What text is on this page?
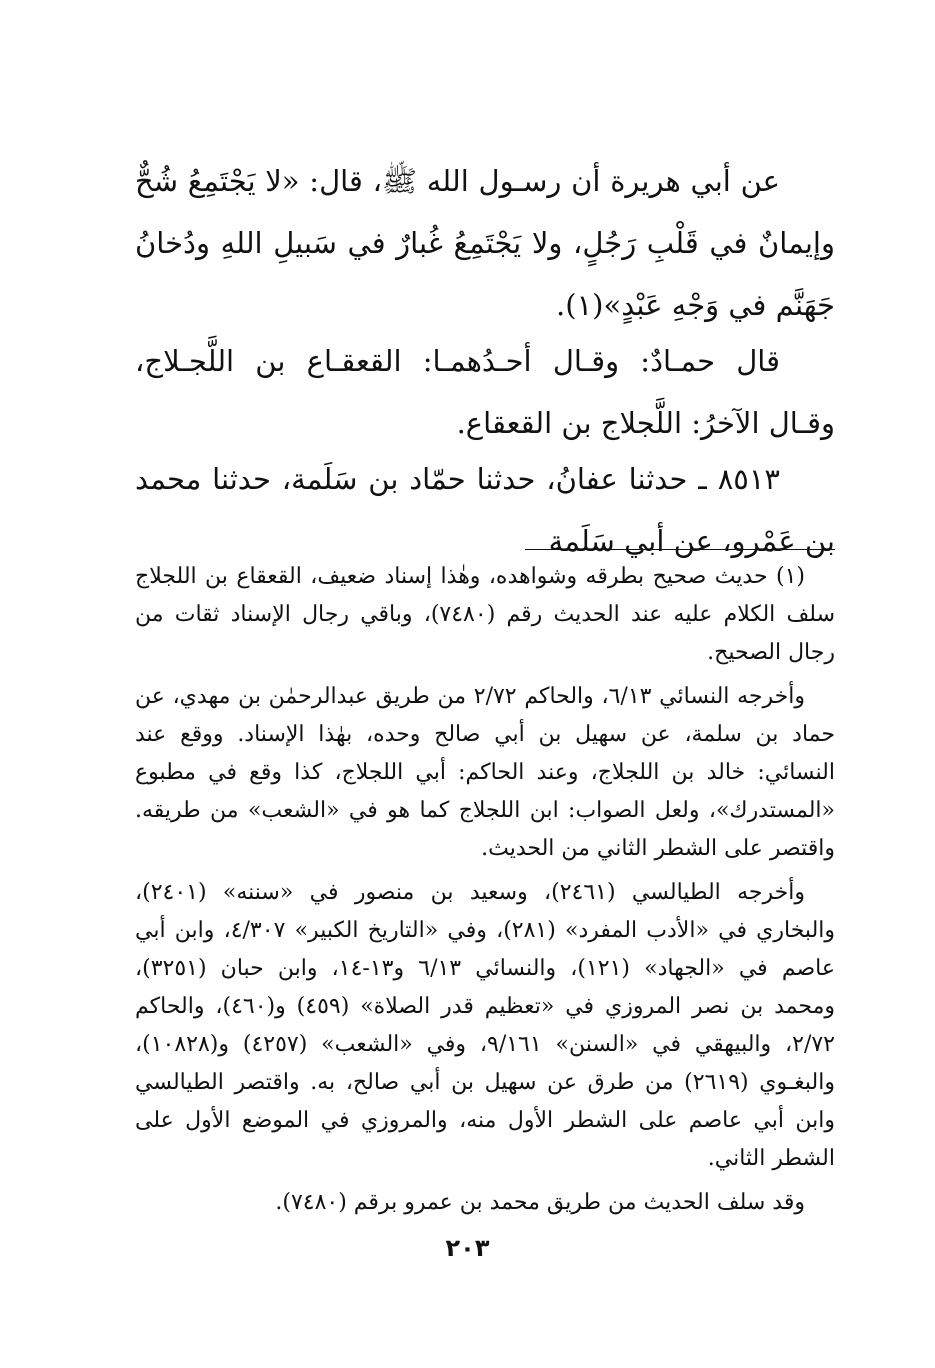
عن أبي هريرة أن رسـول الله ﷺ، قال: «لا يَجْتَمِعُ شُحٌّ وإيمانٌ في قَلْبِ رَجُلٍ، ولا يَجْتَمِعُ غُبارٌ في سَبيلِ اللهِ ودُخانُ جَهَنَّم في وَجْهِ عَبْدٍ»(١).
قال حمـادٌ: وقـال أحـدُهمـا: القعقـاع بن اللَّجـلاج، وقـال الآخرُ: اللَّجلاج بن القعقاع.
٨٥١٣ ـ حدثنا عفانُ، حدثنا حمّاد بن سَلَمة، حدثنا محمد بن عَمْرو، عن أبي سَلَمة

(١) حديث صحيح بطرقه وشواهده، وهٰذا إسناد ضعيف، القعقاع بن اللجلاج سلف الكلام عليه عند الحديث رقم (٧٤٨٠)، وباقي رجال الإسناد ثقات من رجال الصحيح.

وأخرجه النسائي ٦/١٣، والحاكم ٢/٧٢ من طريق عبدالرحمٰن بن مهدي، عن حماد بن سلمة، عن سهيل بن أبي صالح وحده، بهٰذا الإسناد. ووقع عند النسائي: خالد بن اللجلاج، وعند الحاكم: أبي اللجلاج، كذا وقع في مطبوع «المستدرك»، ولعل الصواب: ابن اللجلاج كما هو في «الشعب» من طريقه. واقتصر على الشطر الثاني من الحديث.

وأخرجه الطيالسي (٢٤٦١)، وسعيد بن منصور في «سننه» (٢٤٠١)، والبخاري في «الأدب المفرد» (٢٨١)، وفي «التاريخ الكبير» ٤/٣٠٧، وابن أبي عاصم في «الجهاد» (١٢١)، والنسائي ٦/١٣ و١٣-١٤، وابن حبان (٣٢٥١)، ومحمد بن نصر المروزي في «تعظيم قدر الصلاة» (٤٥٩) و(٤٦٠)، والحاكم ٢/٧٢، والبيهقي في «السنن» ٩/١٦١، وفي «الشعب» (٤٢٥٧) و(١٠٨٢٨)، والبغـوي (٢٦١٩) من طرق عن سهيل بن أبي صالح، به. واقتصر الطيالسي وابن أبي عاصم على الشطر الأول منه، والمروزي في الموضع الأول على الشطر الثاني.

وقد سلف الحديث من طريق محمد بن عمرو برقم (٧٤٨٠).

٢٠٣
